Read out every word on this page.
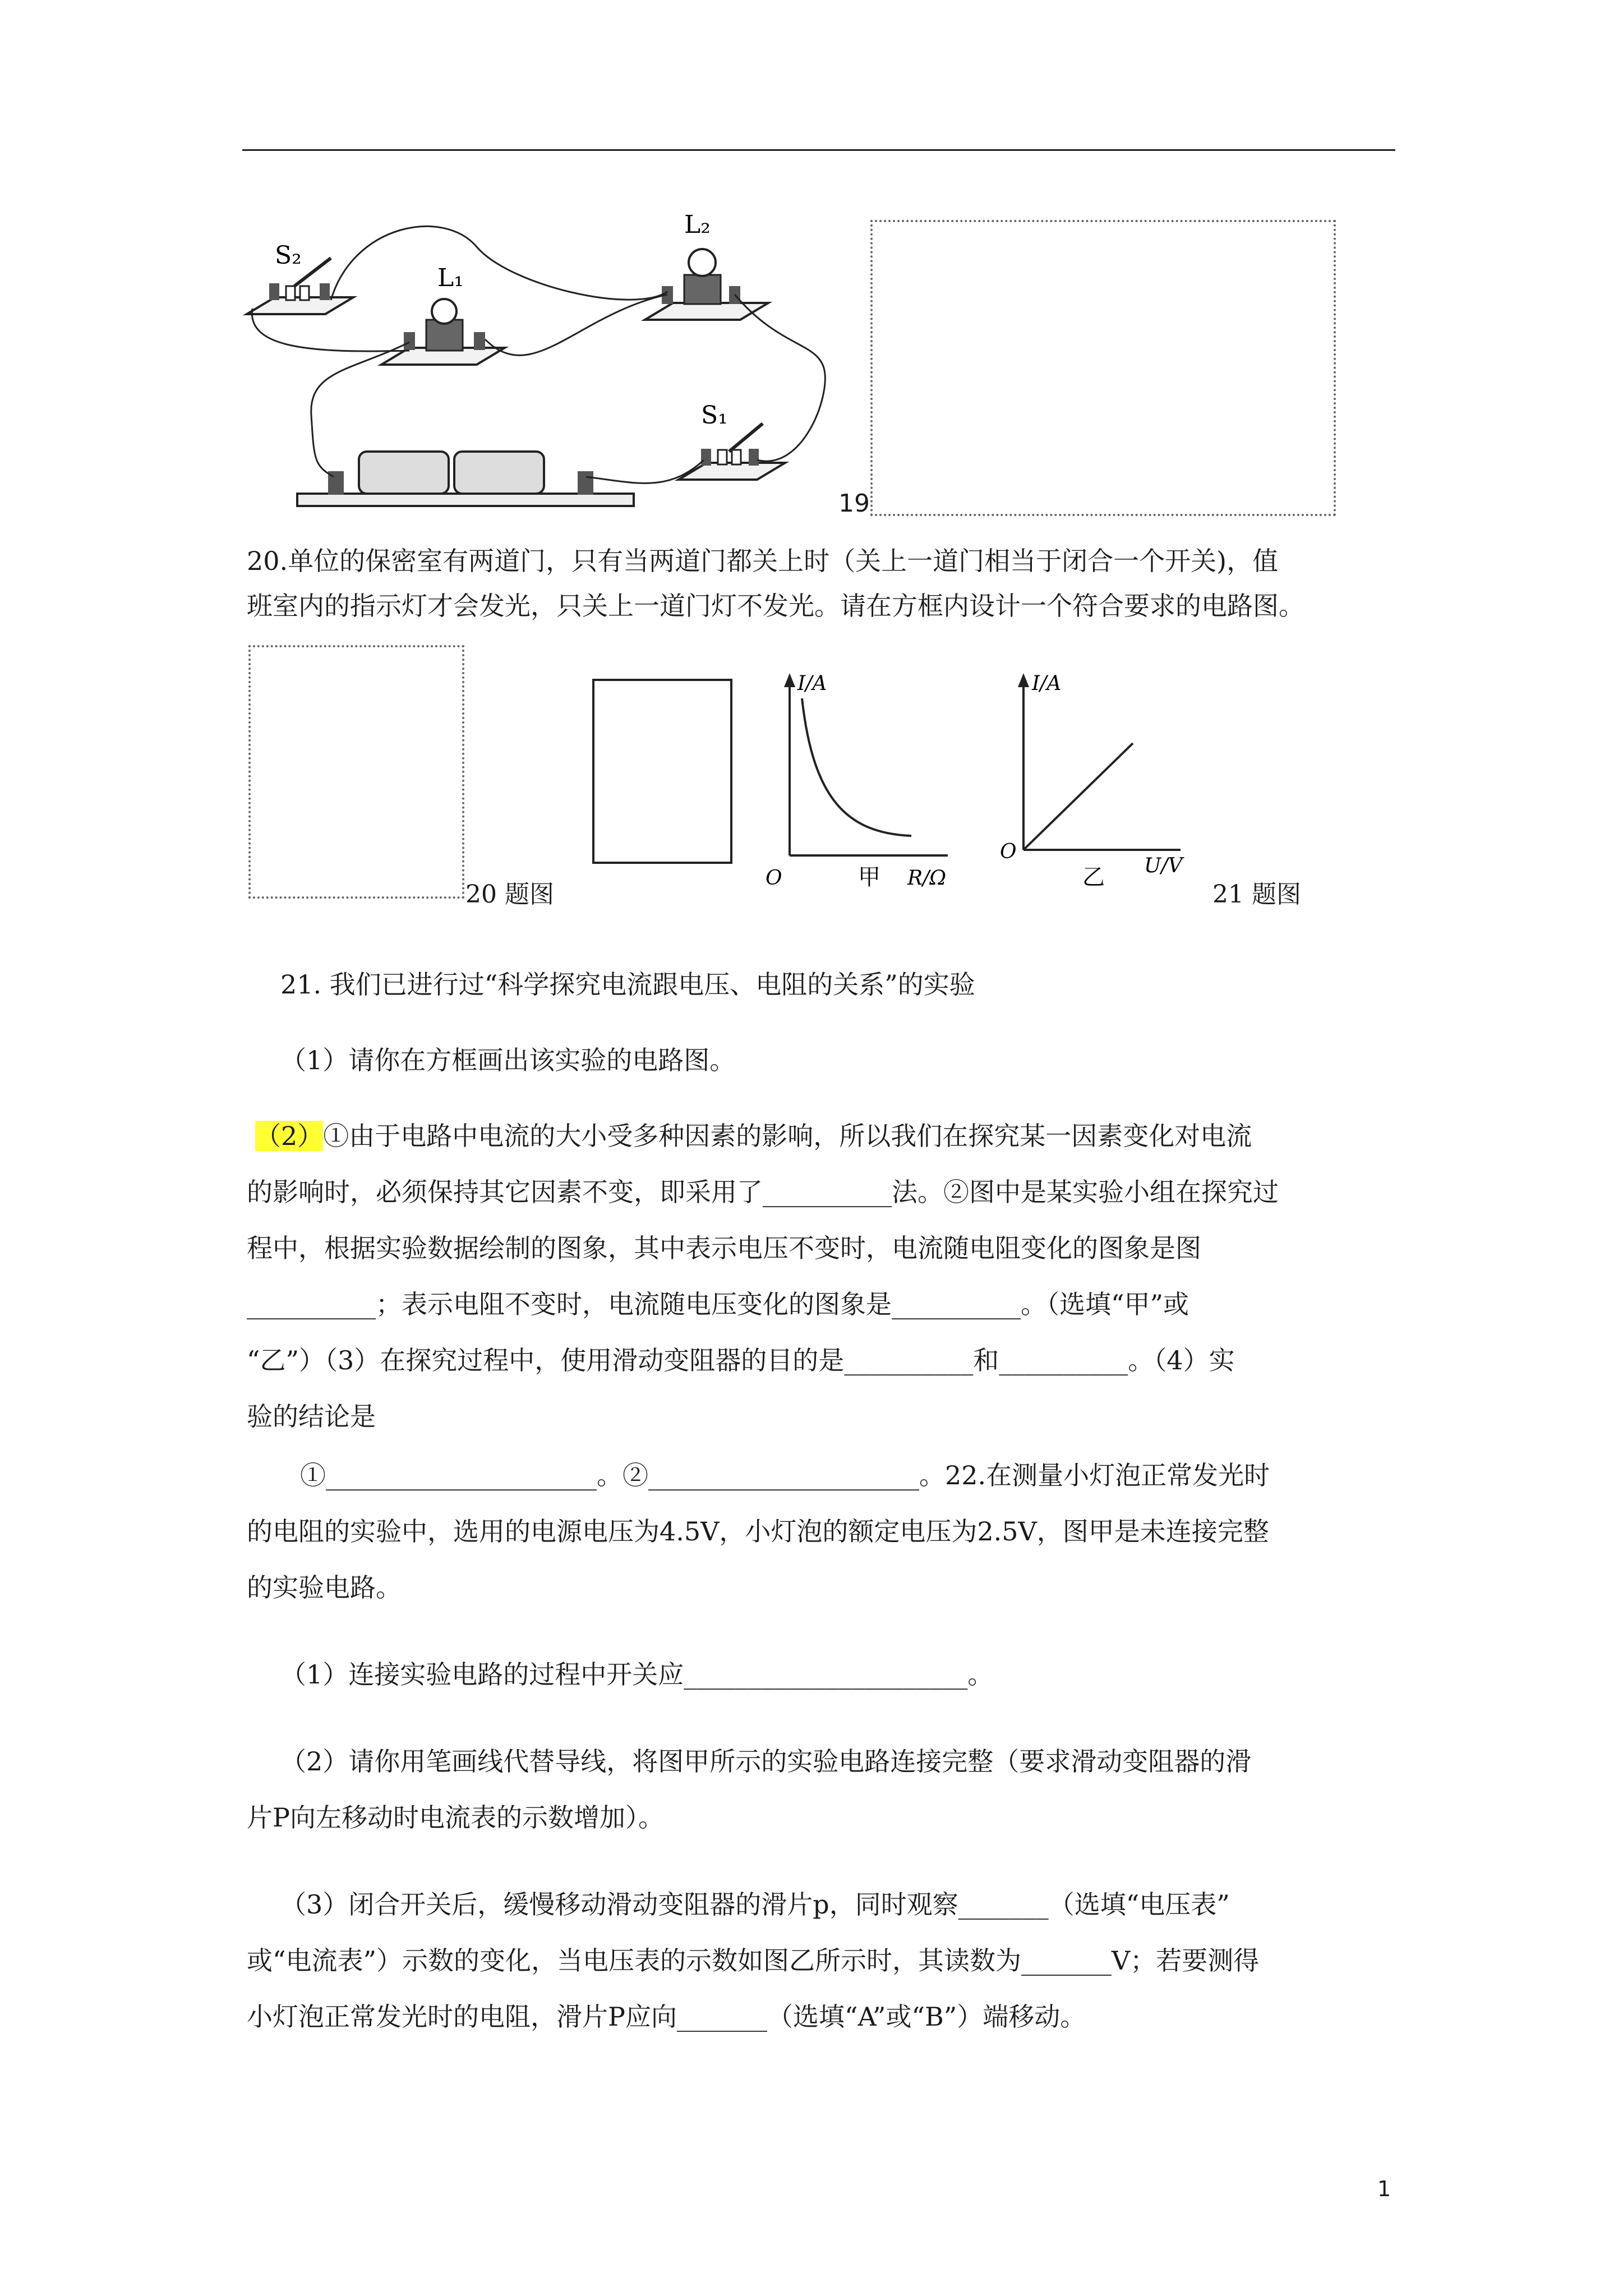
S₂
L₁
L₂
S₁
19
20.单位的保密室有两道门，只有当两道门都关上时（关上一道门相当于闭合一个开关)，值
班室内的指示灯才会发光，只关上一道门灯不发光。请在方框内设计一个符合要求的电路图。
20 题图
I/A
O	甲 R/Ω
I/A
O
乙 U/V
21 题图
21. 我们已进行过“科学探究电流跟电压、电阻的关系”的实验
（1）请你在方框画出该实验的电路图。
（2）①由于电路中电流的大小受多种因素的影响，所以我们在探究某一因素变化对电流
的影响时，必须保持其它因素不变，即采用了__________法。②图中是某实验小组在探究过
程中，根据实验数据绘制的图象，其中表示电压不变时，电流随电阻变化的图象是图
__________；表示电阻不变时，电流随电压变化的图象是__________。（选填“甲”或
“乙”）（3）在探究过程中，使用滑动变阻器的目的是__________和__________。（4）实
验的结论是
①_____________________。②_____________________。22.在测量小灯泡正常发光时
的电阻的实验中，选用的电源电压为4.5V，小灯泡的额定电压为2.5V，图甲是未连接完整
的实验电路。
（1）连接实验电路的过程中开关应______________________。
（2）请你用笔画线代替导线，将图甲所示的实验电路连接完整（要求滑动变阻器的滑
片P向左移动时电流表的示数增加）。
（3）闭合开关后，缓慢移动滑动变阻器的滑片p，同时观察_______（选填“电压表”
或“电流表”）示数的变化，当电压表的示数如图乙所示时，其读数为_______V；若要测得
小灯泡正常发光时的电阻，滑片P应向_______（选填“A”或“B”）端移动。
1
